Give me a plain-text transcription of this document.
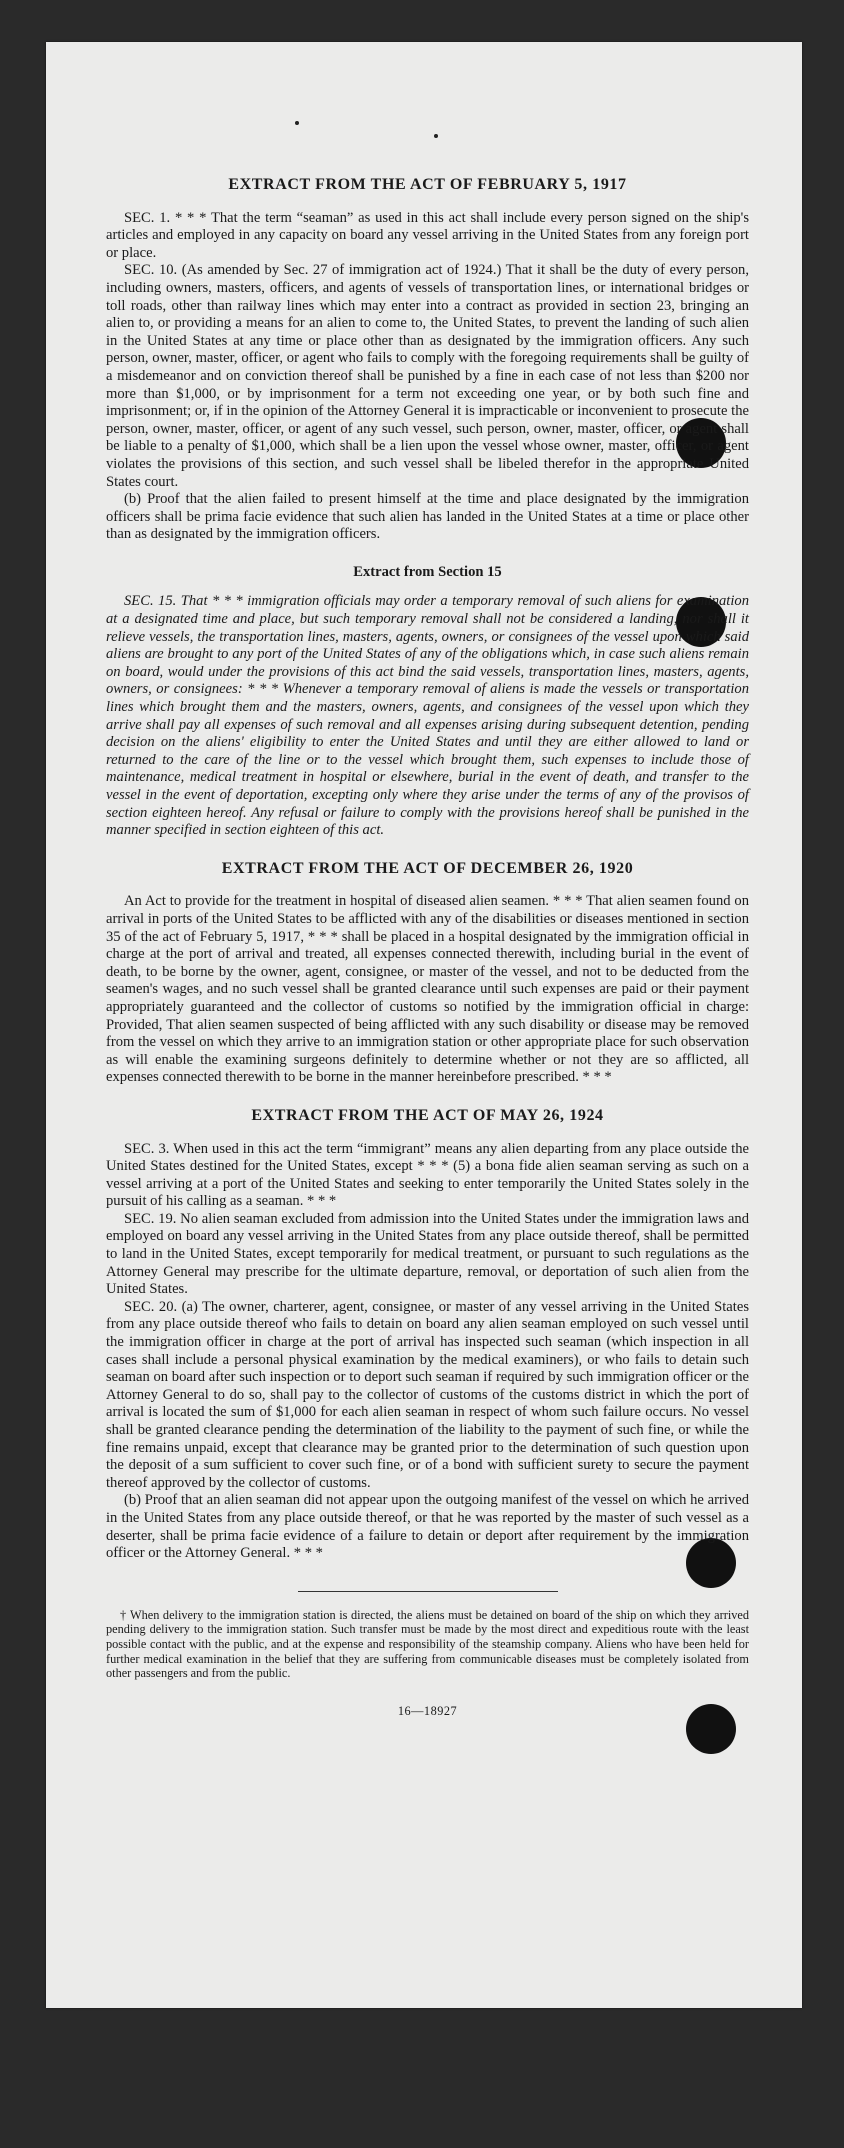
EXTRACT FROM THE ACT OF FEBRUARY 5, 1917

SEC. 1. * * * That the term “seaman” as used in this act shall include every person signed on the ship's articles and employed in any capacity on board any vessel arriving in the United States from any foreign port or place.

SEC. 10. (As amended by Sec. 27 of immigration act of 1924.) That it shall be the duty of every person, including owners, masters, officers, and agents of vessels of transportation lines, or international bridges or toll roads, other than railway lines which may enter into a contract as provided in section 23, bringing an alien to, or providing a means for an alien to come to, the United States, to prevent the landing of such alien in the United States at any time or place other than as designated by the immigration officers. Any such person, owner, master, officer, or agent who fails to comply with the foregoing requirements shall be guilty of a misdemeanor and on conviction thereof shall be punished by a fine in each case of not less than $200 nor more than $1,000, or by imprisonment for a term not exceeding one year, or by both such fine and imprisonment; or, if in the opinion of the Attorney General it is impracticable or inconvenient to prosecute the person, owner, master, officer, or agent of any such vessel, such person, owner, master, officer, or agent shall be liable to a penalty of $1,000, which shall be a lien upon the vessel whose owner, master, officer, or agent violates the provisions of this section, and such vessel shall be libeled therefor in the appropriate United States court.

(b) Proof that the alien failed to present himself at the time and place designated by the immigration officers shall be prima facie evidence that such alien has landed in the United States at a time or place other than as designated by the immigration officers.

Extract from Section 15

SEC. 15. That * * * immigration officials may order a temporary removal of such aliens for examination at a designated time and place, but such temporary removal shall not be considered a landing, nor shall it relieve vessels, the transportation lines, masters, agents, owners, or consignees of the vessel upon which said aliens are brought to any port of the United States of any of the obligations which, in case such aliens remain on board, would under the provisions of this act bind the said vessels, transportation lines, masters, agents, owners, or consignees: * * * Whenever a temporary removal of aliens is made the vessels or transportation lines which brought them and the masters, owners, agents, and consignees of the vessel upon which they arrive shall pay all expenses of such removal and all expenses arising during subsequent detention, pending decision on the aliens' eligibility to enter the United States and until they are either allowed to land or returned to the care of the line or to the vessel which brought them, such expenses to include those of maintenance, medical treatment in hospital or elsewhere, burial in the event of death, and transfer to the vessel in the event of deportation, excepting only where they arise under the terms of any of the provisos of section eighteen hereof. Any refusal or failure to comply with the provisions hereof shall be punished in the manner specified in section eighteen of this act.

EXTRACT FROM THE ACT OF DECEMBER 26, 1920

An Act to provide for the treatment in hospital of diseased alien seamen. * * * That alien seamen found on arrival in ports of the United States to be afflicted with any of the disabilities or diseases mentioned in section 35 of the act of February 5, 1917, * * * shall be placed in a hospital designated by the immigration official in charge at the port of arrival and treated, all expenses connected therewith, including burial in the event of death, to be borne by the owner, agent, consignee, or master of the vessel, and not to be deducted from the seamen's wages, and no such vessel shall be granted clearance until such expenses are paid or their payment appropriately guaranteed and the collector of customs so notified by the immigration official in charge: Provided, That alien seamen suspected of being afflicted with any such disability or disease may be removed from the vessel on which they arrive to an immigration station or other appropriate place for such observation as will enable the examining surgeons definitely to determine whether or not they are so afflicted, all expenses connected therewith to be borne in the manner hereinbefore prescribed. * * *

EXTRACT FROM THE ACT OF MAY 26, 1924

SEC. 3. When used in this act the term “immigrant” means any alien departing from any place outside the United States destined for the United States, except * * * (5) a bona fide alien seaman serving as such on a vessel arriving at a port of the United States and seeking to enter temporarily the United States solely in the pursuit of his calling as a seaman. * * *

SEC. 19. No alien seaman excluded from admission into the United States under the immigration laws and employed on board any vessel arriving in the United States from any place outside thereof, shall be permitted to land in the United States, except temporarily for medical treatment, or pursuant to such regulations as the Attorney General may prescribe for the ultimate departure, removal, or deportation of such alien from the United States.

SEC. 20. (a) The owner, charterer, agent, consignee, or master of any vessel arriving in the United States from any place outside thereof who fails to detain on board any alien seaman employed on such vessel until the immigration officer in charge at the port of arrival has inspected such seaman (which inspection in all cases shall include a personal physical examination by the medical examiners), or who fails to detain such seaman on board after such inspection or to deport such seaman if required by such immigration officer or the Attorney General to do so, shall pay to the collector of customs of the customs district in which the port of arrival is located the sum of $1,000 for each alien seaman in respect of whom such failure occurs. No vessel shall be granted clearance pending the determination of the liability to the payment of such fine, or while the fine remains unpaid, except that clearance may be granted prior to the determination of such question upon the deposit of a sum sufficient to cover such fine, or of a bond with sufficient surety to secure the payment thereof approved by the collector of customs.

(b) Proof that an alien seaman did not appear upon the outgoing manifest of the vessel on which he arrived in the United States from any place outside thereof, or that he was reported by the master of such vessel as a deserter, shall be prima facie evidence of a failure to detain or deport after requirement by the immigration officer or the Attorney General. * * *

† When delivery to the immigration station is directed, the aliens must be detained on board of the ship on which they arrived pending delivery to the immigration station. Such transfer must be made by the most direct and expeditious route with the least possible contact with the public, and at the expense and responsibility of the steamship company. Aliens who have been held for further medical examination in the belief that they are suffering from communicable diseases must be completely isolated from other passengers and from the public.

16—18927
